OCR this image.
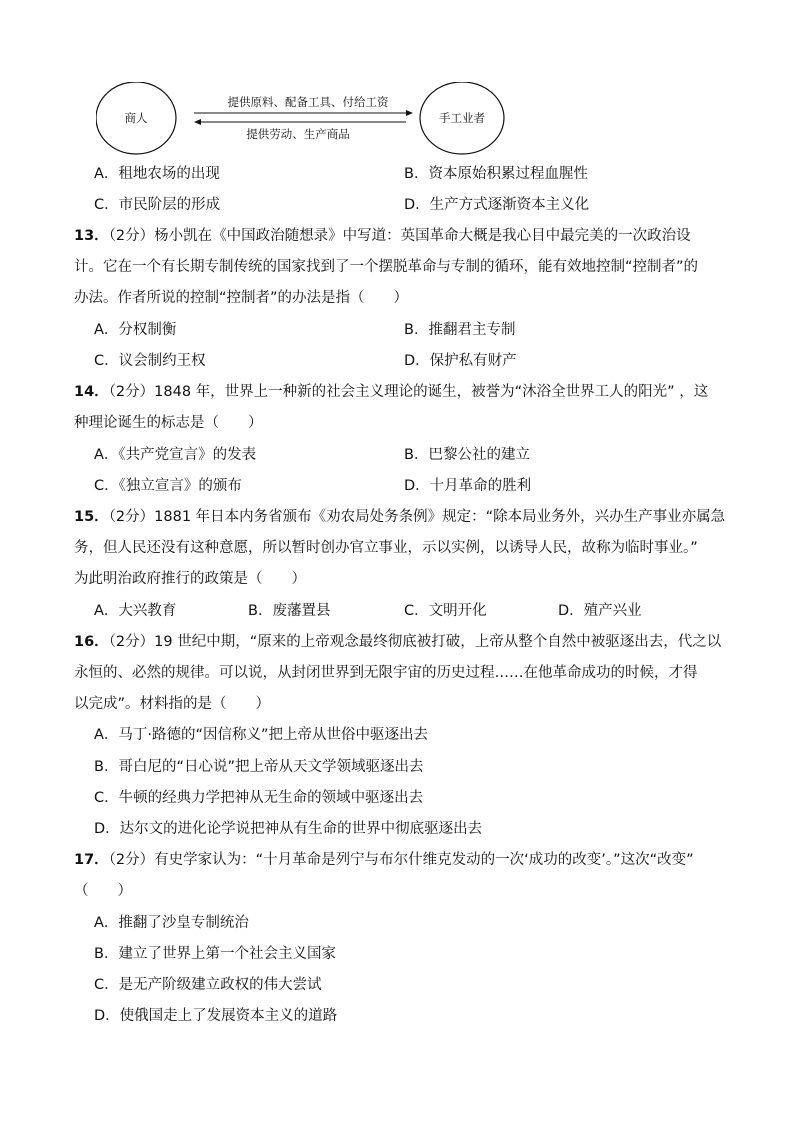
商人	手工业者
提供原料、配备工具、付给工资
提供劳动、生产商品
A．租地农场的出现	B．资本原始积累过程血腥性
C．市民阶层的形成	D．生产方式逐渐资本主义化
13．（2分）杨小凯在《中国政治随想录》中写道：英国革命大概是我心目中最完美的一次政治设
计。它在一个有长期专制传统的国家找到了一个摆脱革命与专制的循环，能有效地控制“控制者”的
办法。作者所说的控制“控制者”的办法是指（　　）
A．分权制衡	B．推翻君主专制
C．议会制约王权	D．保护私有财产
14．（2分）1848 年，世界上一种新的社会主义理论的诞生，被誉为“沐浴全世界工人的阳光” ，这
种理论诞生的标志是（　　）
A．《共产党宣言》的发表	B．巴黎公社的建立
C．《独立宣言》的颁布	D．十月革命的胜利
15．（2分）1881 年日本内务省颁布《劝农局处务条例》规定：“除本局业务外，兴办生产事业亦属急
务，但人民还没有这种意愿，所以暂时创办官立事业，示以实例，以诱导人民，故称为临时事业。”
为此明治政府推行的政策是（　　）
A．大兴教育	B．废藩置县	C．文明开化	D．殖产兴业
16．（2分）19 世纪中期，“原来的上帝观念最终彻底被打破，上帝从整个自然中被驱逐出去，代之以
永恒的、必然的规律。可以说，从封闭世界到无限宇宙的历史过程……在他革命成功的时候，才得
以完成”。材料指的是（　　）
A．马丁·路德的“因信称义”把上帝从世俗中驱逐出去
B．哥白尼的“日心说”把上帝从天文学领域驱逐出去
C．牛顿的经典力学把神从无生命的领域中驱逐出去
D．达尔文的进化论学说把神从有生命的世界中彻底驱逐出去
17．（2分）有史学家认为：“十月革命是列宁与布尔什维克发动的一次‘成功的改变’。”这次“改变”
（　　）
A．推翻了沙皇专制统治
B．建立了世界上第一个社会主义国家
C．是无产阶级建立政权的伟大尝试
D．使俄国走上了发展资本主义的道路
